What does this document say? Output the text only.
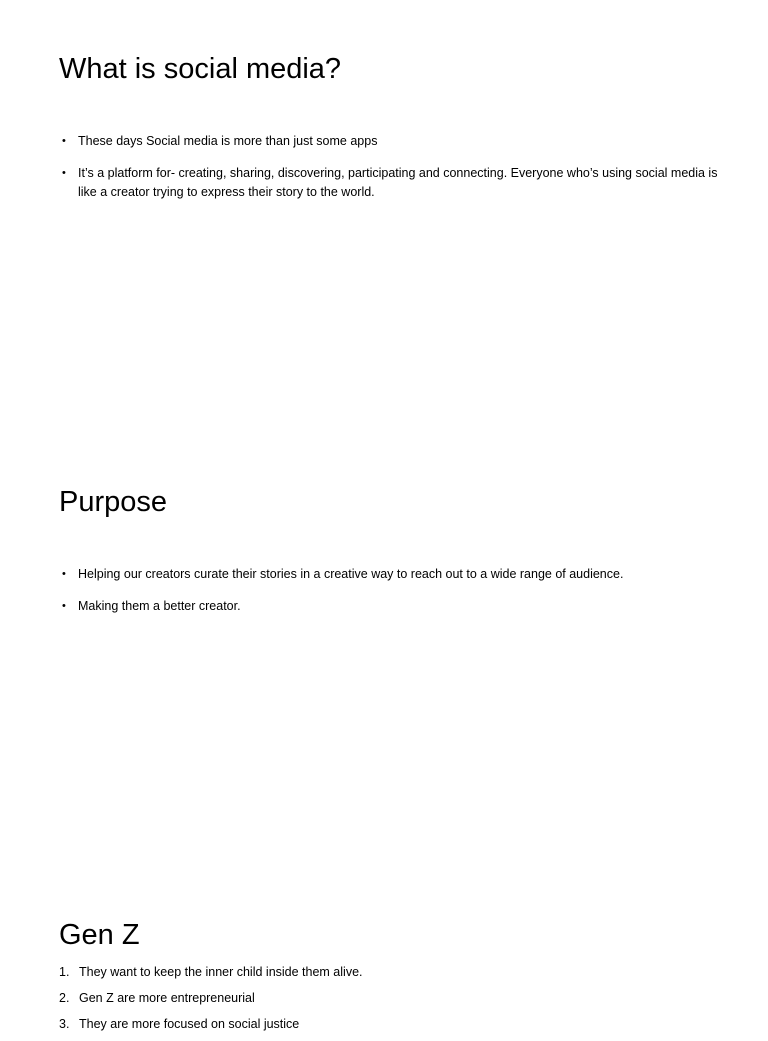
What is social media?
• These days Social media is more than just some apps
• It’s a platform for- creating, sharing, discovering, participating and connecting. Everyone who’s using social media is like a creator trying to express their story to the world.
Purpose
• Helping our creators curate their stories in a creative way to reach out to a wide range of audience.
• Making them a better creator.
Gen Z
1. They want to keep the inner child inside them alive.
2. Gen Z are more entrepreneurial
3. They are more focused on social justice
